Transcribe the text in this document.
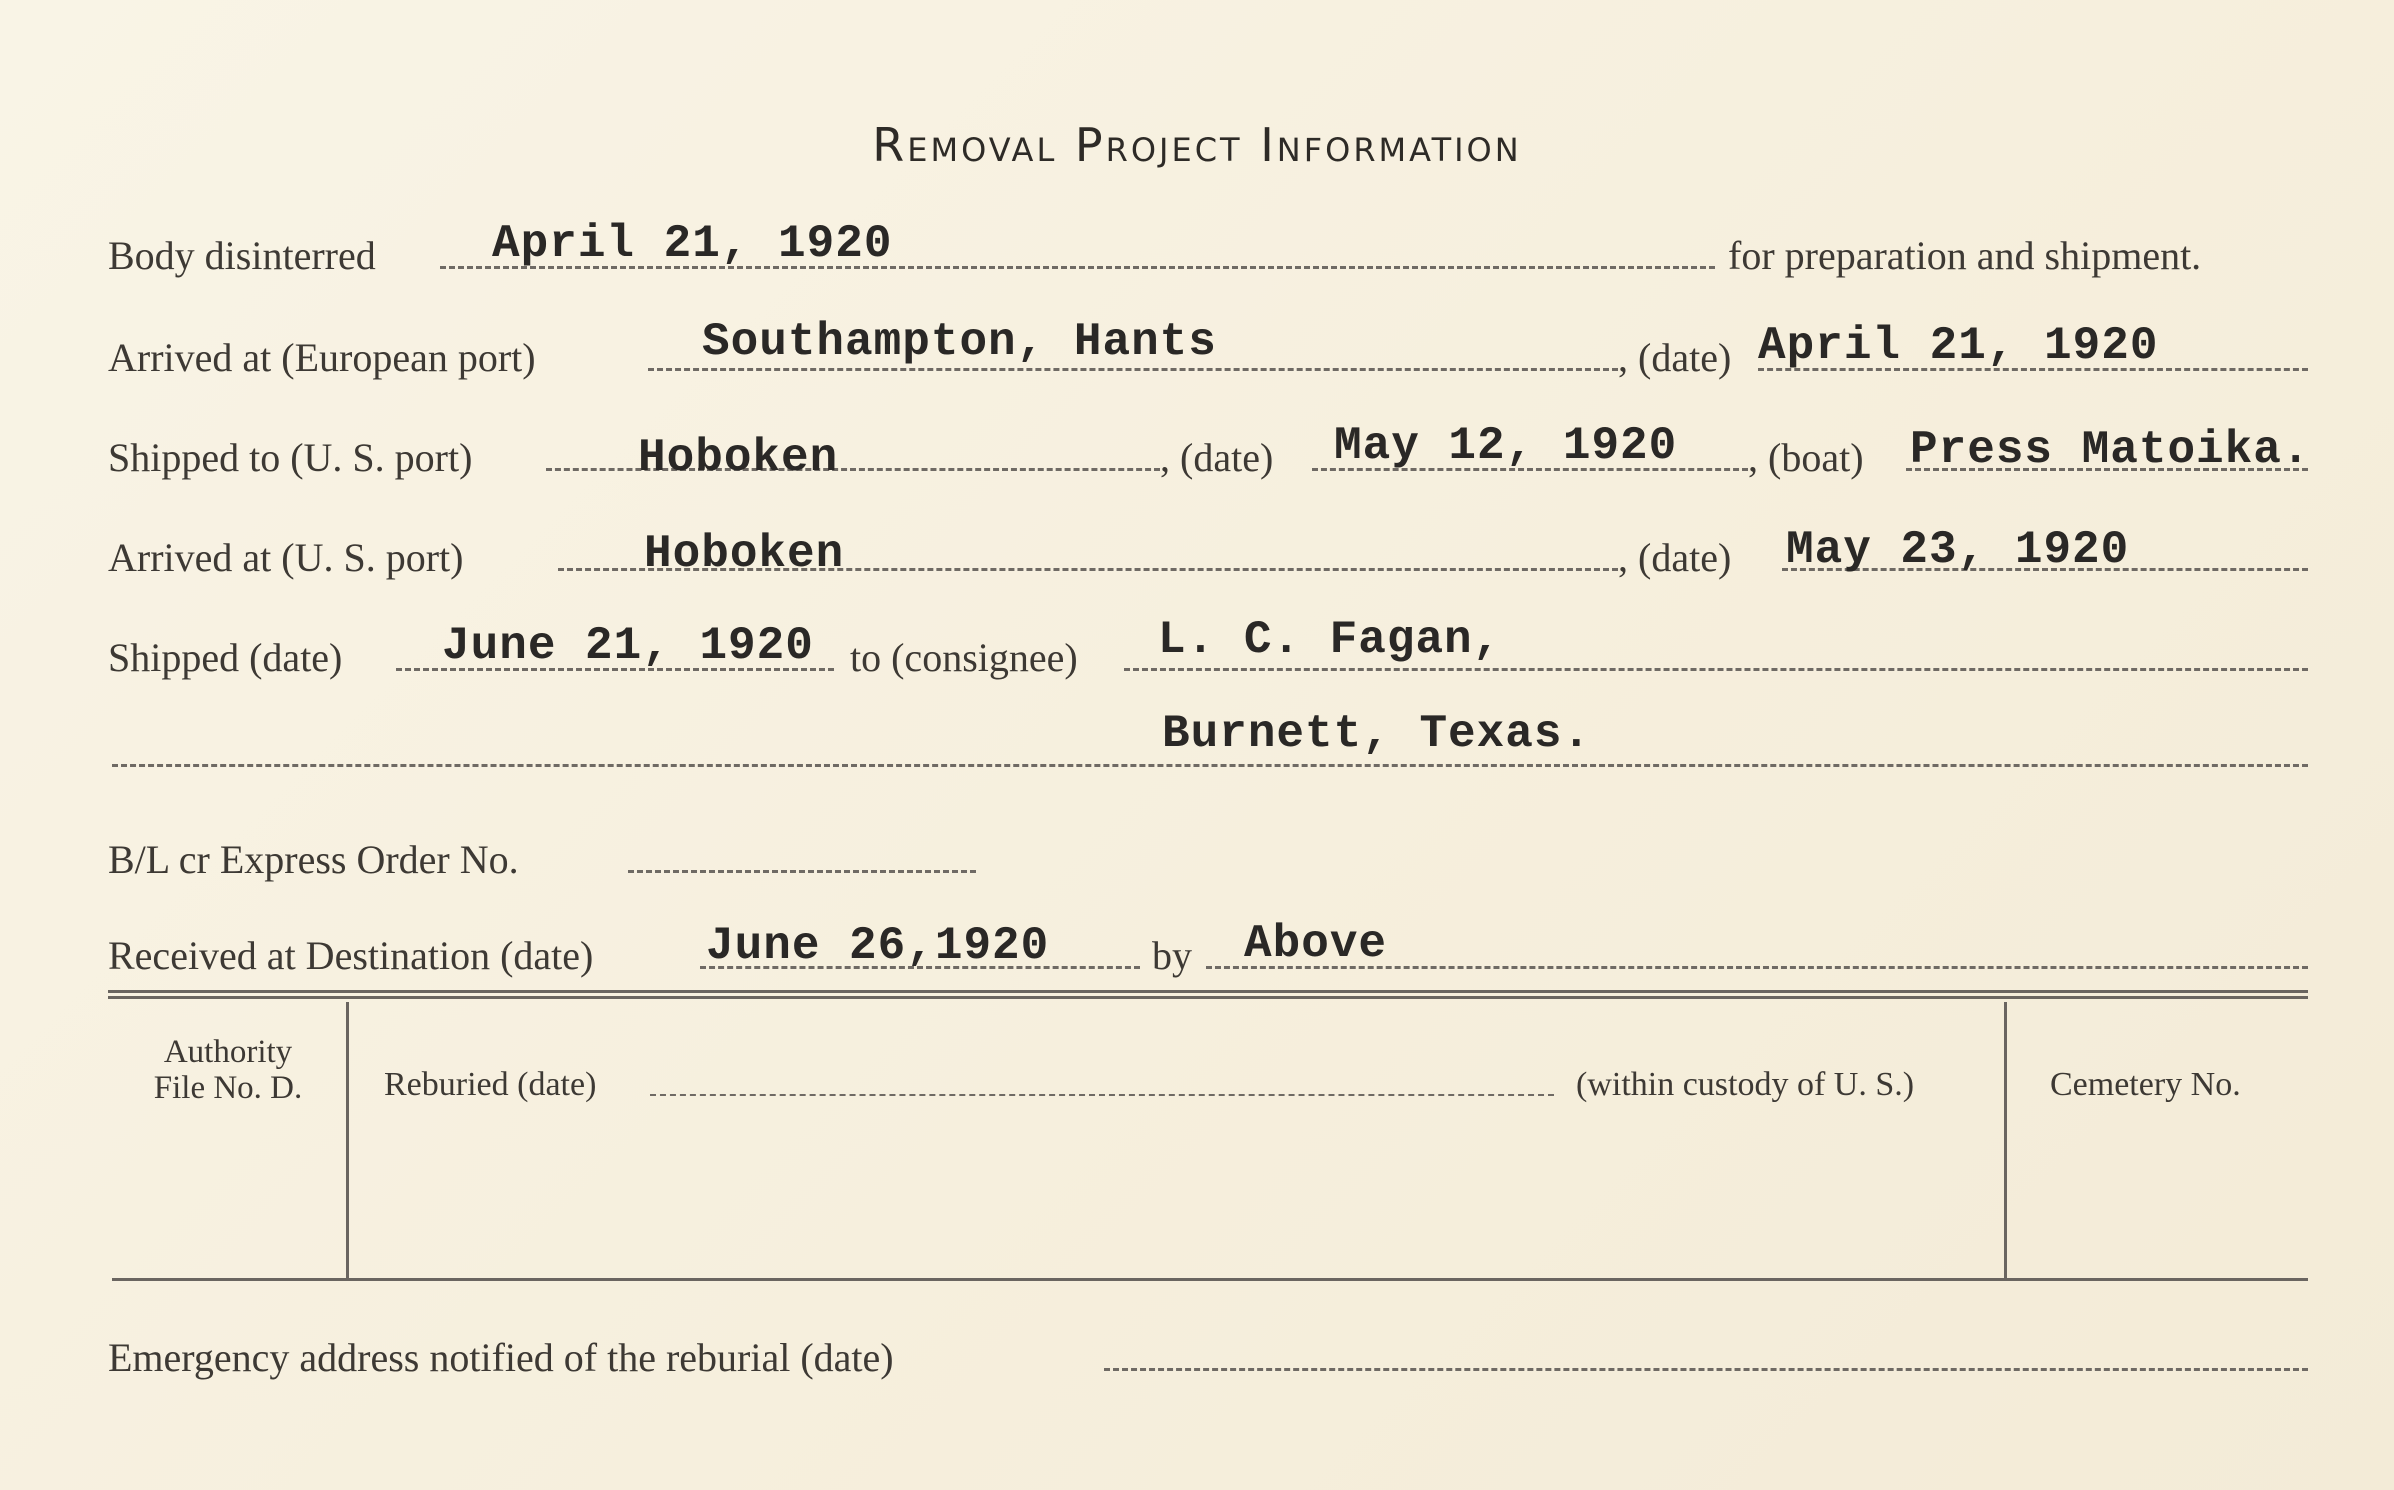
Removal Project Information
Body disinterred	April 21, 1920	for preparation and shipment.
Arrived at (European port)	Southampton, Hants	, (date) April 21, 1920
Shipped to (U. S. port)	Hoboken	, (date) May 12, 1920 , (boat) Press Matoika.
Arrived at (U. S. port)	Hoboken	, (date) May 23, 1920
Shipped (date) June 21, 1920 to (consignee) L. C. Fagan,
Burnett, Texas.
B/L cr Express Order No.
Received at Destination (date) June 26,1920	by Above
Authority
File No. D.	Reburied (date)	(within custody of U. S.)	Cemetery No.
Emergency address notified of the reburial (date)
